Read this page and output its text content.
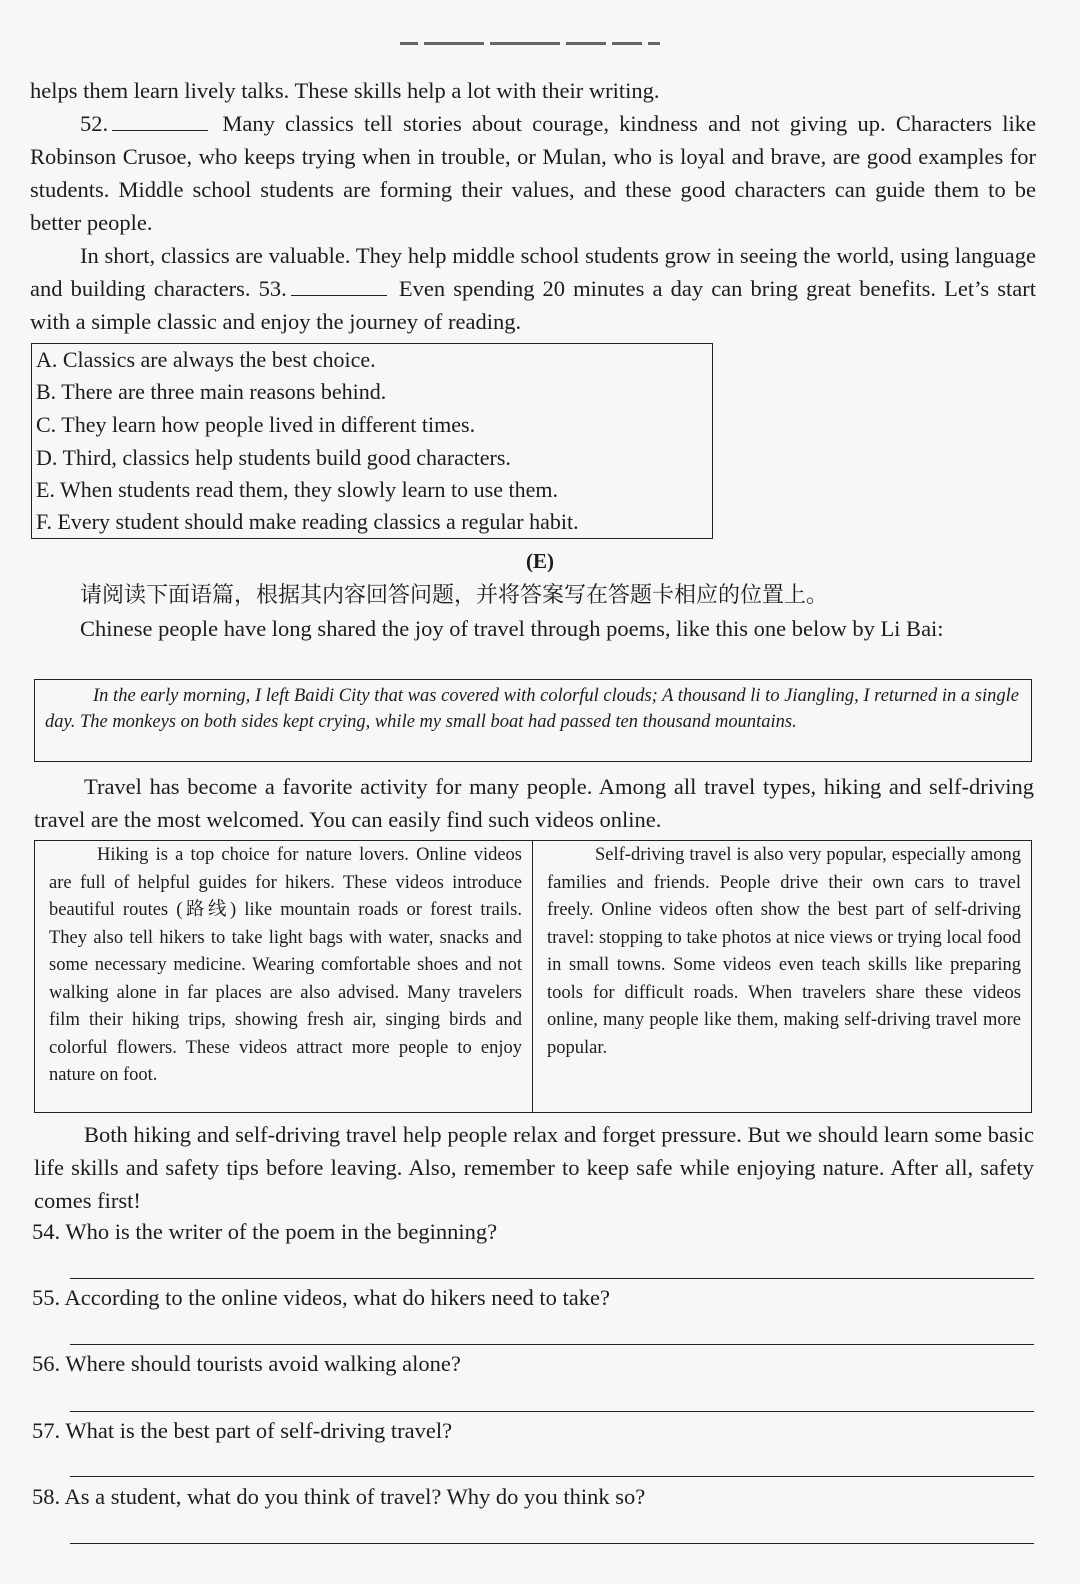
helps them learn lively talks. These skills help a lot with their writing.

52.	Many classics tell stories about courage, kindness and not giving up. Characters like Robinson Crusoe, who keeps trying when in trouble, or Mulan, who is loyal and brave, are good examples for students. Middle school students are forming their values, and these good characters can guide them to be better people.

In short, classics are valuable. They help middle school students grow in seeing the world, using language and building characters. 53.	Even spending 20 minutes a day can bring great benefits. Let’s start with a simple classic and enjoy the journey of reading.

A. Classics are always the best choice.
B. There are three main reasons behind.
C. They learn how people lived in different times.
D. Third, classics help students build good characters.
E. When students read them, they slowly learn to use them.
F. Every student should make reading classics a regular habit.
(E)
请阅读下面语篇，根据其内容回答问题，并将答案写在答题卡相应的位置上。

Chinese people have long shared the joy of travel through poems, like this one below by Li Bai:

In the early morning, I left Baidi City that was covered with colorful clouds; A thousand li to Jiangling, I returned in a single day. The monkeys on both sides kept crying, while my small boat had passed ten thousand mountains.

Travel has become a favorite activity for many people. Among all travel types, hiking and self-driving travel are the most welcomed. You can easily find such videos online.

Hiking is a top choice for nature lovers. Online videos are full of helpful guides for hikers. These videos introduce beautiful routes (路线) like mountain roads or forest trails. They also tell hikers to take light bags with water, snacks and some necessary medicine. Wearing comfortable shoes and not walking alone in far places are also advised. Many travelers film their hiking trips, showing fresh air, singing birds and colorful flowers. These videos attract more people to enjoy nature on foot.

Self-driving travel is also very popular, especially among families and friends. People drive their own cars to travel freely. Online videos often show the best part of self-driving travel: stopping to take photos at nice views or trying local food in small towns. Some videos even teach skills like preparing tools for difficult roads. When travelers share these videos online, many people like them, making self-driving travel more popular.

Both hiking and self-driving travel help people relax and forget pressure. But we should learn some basic life skills and safety tips before leaving. Also, remember to keep safe while enjoying nature. After all, safety comes first!

54. Who is the writer of the poem in the beginning?
55. According to the online videos, what do hikers need to take?
56. Where should tourists avoid walking alone?
57. What is the best part of self-driving travel?
58. As a student, what do you think of travel? Why do you think so?
